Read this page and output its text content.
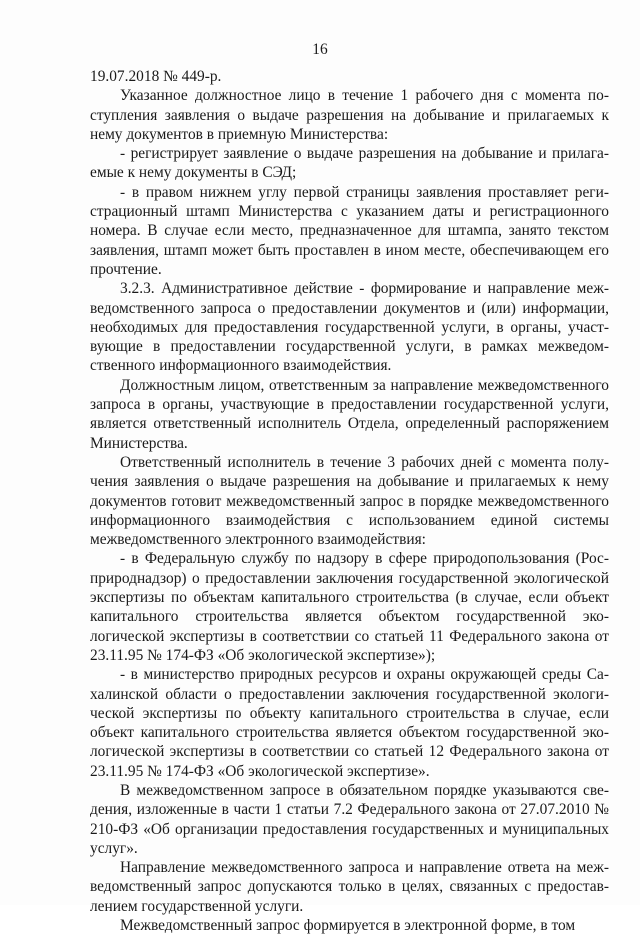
16

19.07.2018 № 449-р.

Указанное должностное лицо в течение 1 рабочего дня с момента поступления заявления о выдаче разрешения на добывание и прилагаемых к нему документов в приемную Министерства:

- регистрирует заявление о выдаче разрешения на добывание и прилагаемые к нему документы в СЭД;

- в правом нижнем углу первой страницы заявления проставляет регистрационный штамп Министерства с указанием даты и регистрационного номера. В случае если место, предназначенное для штампа, занято текстом заявления, штамп может быть проставлен в ином месте, обеспечивающем его прочтение.

3.2.3. Административное действие - формирование и направление межведомственного запроса о предоставлении документов и (или) информации, необходимых для предоставления государственной услуги, в органы, участвующие в предоставлении государственной услуги, в рамках межведомственного информационного взаимодействия.

Должностным лицом, ответственным за направление межведомственного запроса в органы, участвующие в предоставлении государственной услуги, является ответственный исполнитель Отдела, определенный распоряжением Министерства.

Ответственный исполнитель в течение 3 рабочих дней с момента получения заявления о выдаче разрешения на добывание и прилагаемых к нему документов готовит межведомственный запрос в порядке межведомственного информационного взаимодействия с использованием единой системы межведомственного электронного взаимодействия:

- в Федеральную службу по надзору в сфере природопользования (Росприроднадзор) о предоставлении заключения государственной экологической экспертизы по объектам капитального строительства (в случае, если объект капитального строительства является объектом государственной экологической экспертизы в соответствии со статьей 11 Федерального закона от 23.11.95 № 174-ФЗ «Об экологической экспертизе»);

- в министерство природных ресурсов и охраны окружающей среды Сахалинской области о предоставлении заключения государственной экологической экспертизы по объекту капитального строительства в случае, если объект капитального строительства является объектом государственной экологической экспертизы в соответствии со статьей 12 Федерального закона от 23.11.95 № 174-ФЗ «Об экологической экспертизе».

В межведомственном запросе в обязательном порядке указываются сведения, изложенные в части 1 статьи 7.2 Федерального закона от 27.07.2010 № 210-ФЗ «Об организации предоставления государственных и муниципальных услуг».

Направление межведомственного запроса и направление ответа на межведомственный запрос допускаются только в целях, связанных с предоставлением государственной услуги.

Межведомственный запрос формируется в электронной форме, в том
